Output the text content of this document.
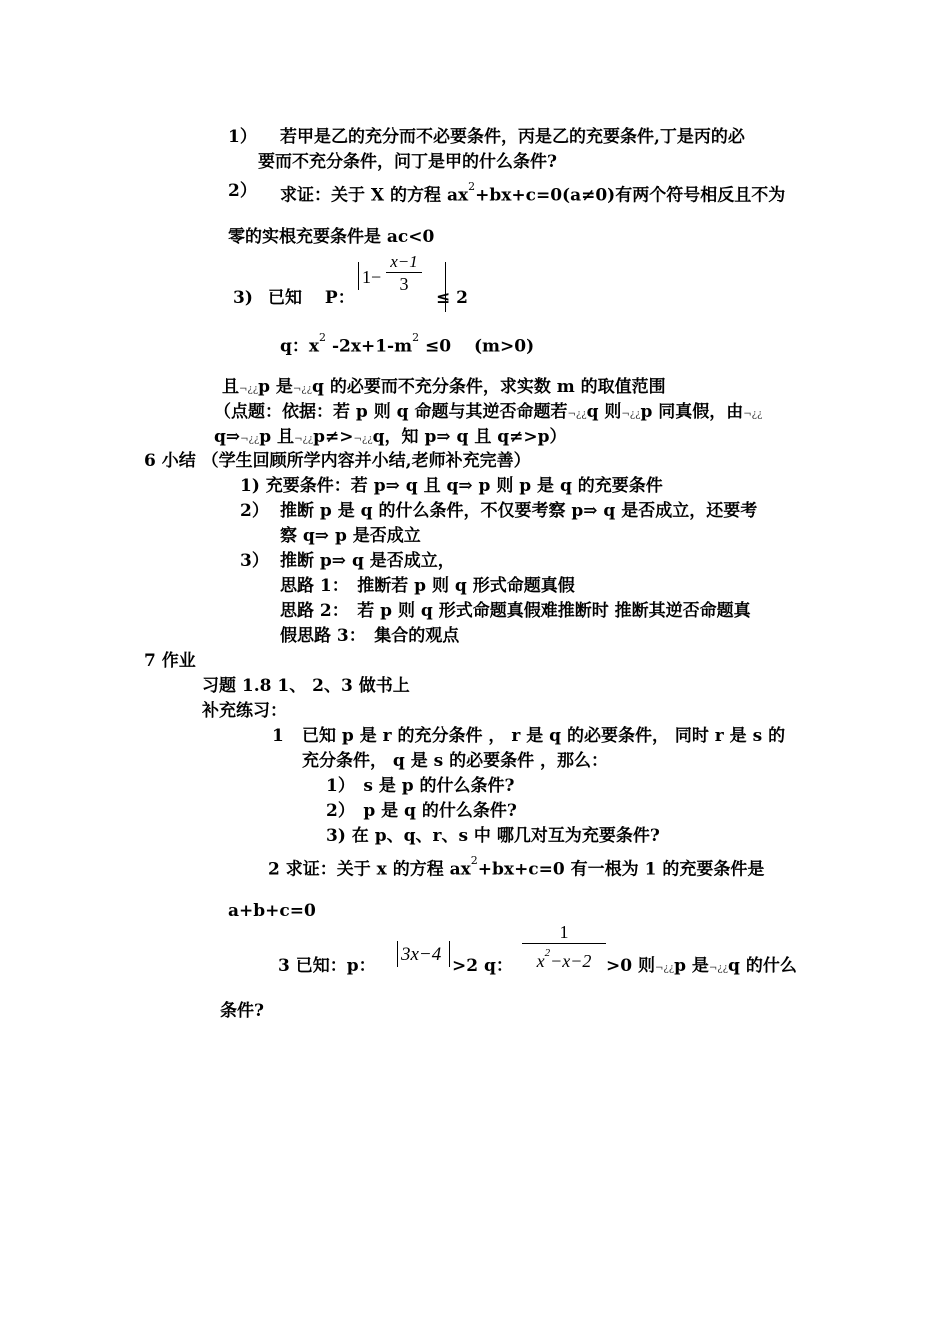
1） 若甲是乙的充分而不必要条件，丙是乙的充要条件,丁是丙的必
要而不充分条件，问丁是甲的什么条件?
2） 求证：关于 X 的方程 $ax^2+bx+c=0(a\ne 0)$有两个符号相反且不为
零的实根充要条件是 ac<0
3) 已知 　P：
$1- \frac{x-1}{3}$
≤ 2
q：$x^2$ $-2x+1-m^2 \le 0$　 (m>0)
且¬¿¿p 是¬¿¿q 的必要而不充分条件，求实数 m 的取值范围
（点题：依据：若 p 则 q 命题与其逆否命题若¬¿¿q 则¬¿¿p 同真假，由¬¿¿
q⇒¬¿¿p 且¬¿¿p≠>¬¿¿q，知 p⇒ q 且 q≠>p）
6 小结 （学生回顾所学内容并小结,老师补充完善）
1) 充要条件：若 p⇒ q 且 q⇒ p 则 p 是 q 的充要条件
2） 推断 p 是 q 的什么条件，不仅要考察 p⇒ q 是否成立，还要考
察 q⇒ p 是否成立
3） 推断 p⇒ q 是否成立，
思路 1：　推断若 p 则 q 形式命题真假
思路 2：　若 p 则 q 形式命题真假难推断时 推断其逆否命题真
假思路 3：　集合的观点
7 作业
习题 1.8 1、 2、3 做书上
补充练习：
1 已知 p 是 r 的充分条件 ， r 是 q 的必要条件， 同时 r 是 s 的
充分条件， q 是 s 的必要条件 ，那么：
1）　s 是 p 的什么条件?
2）　p 是 q 的什么条件?
3) 在 p、q、r、s 中 哪几对互为充要条件?
2 求证：关于 x 的方程 $ax^2+bx+c=0$ 有一根为 1 的充要条件是
a+b+c=0
3 已知：p：
3x−4
>2 q： $\frac{1}{x^2-x-2} >0$ 则¬¿¿p 是¬¿¿q 的什么
条件?
